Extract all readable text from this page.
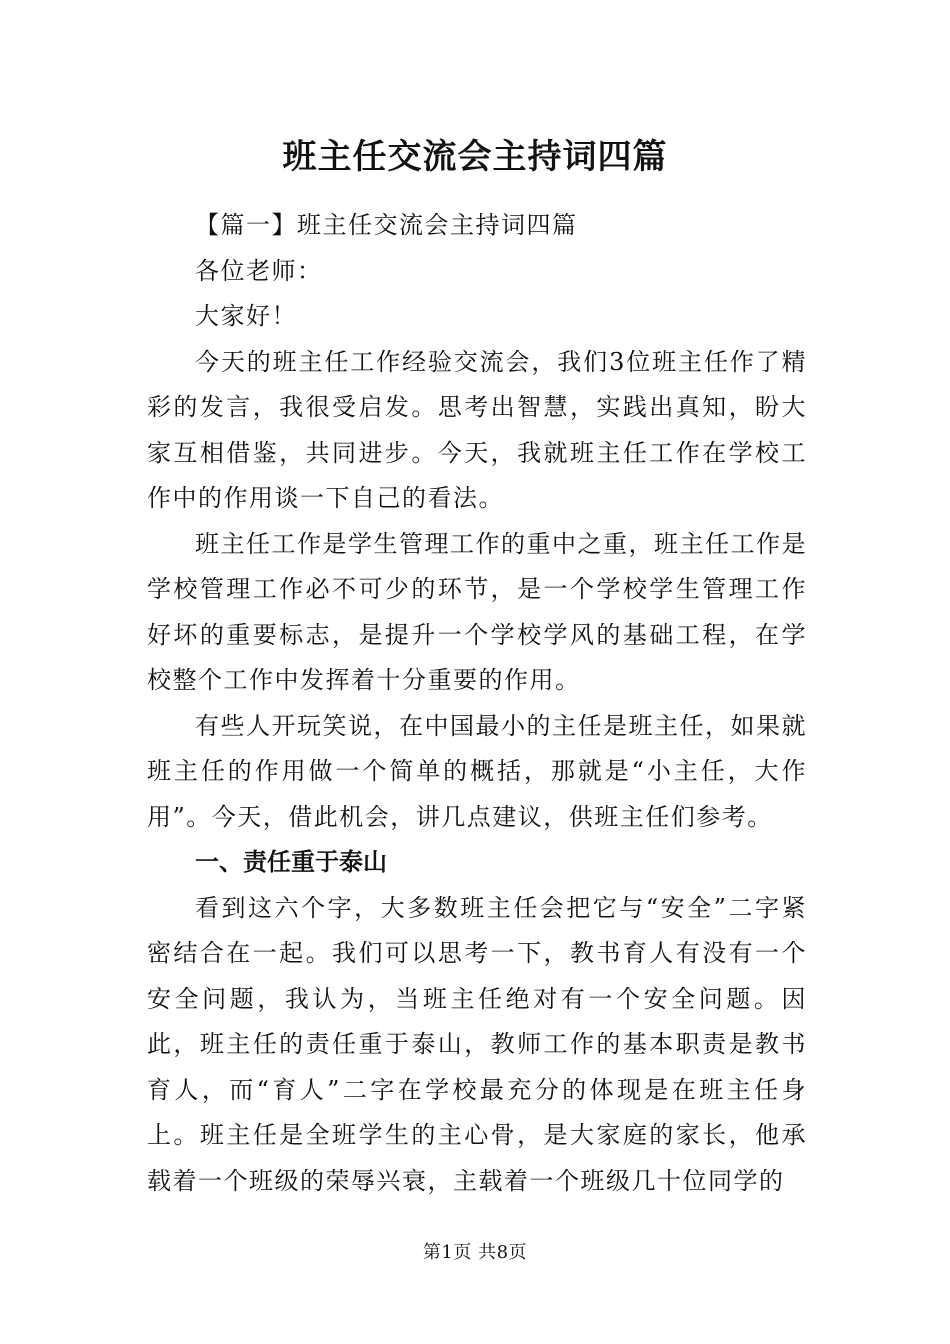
班主任交流会主持词四篇

【篇一】班主任交流会主持词四篇

各位老师：

大家好！

今天的班主任工作经验交流会，我们3位班主任作了精彩的发言，我很受启发。思考出智慧，实践出真知，盼大家互相借鉴，共同进步。今天，我就班主任工作在学校工作中的作用谈一下自己的看法。

班主任工作是学生管理工作的重中之重，班主任工作是学校管理工作必不可少的环节，是一个学校学生管理工作好坏的重要标志，是提升一个学校学风的基础工程，在学校整个工作中发挥着十分重要的作用。

有些人开玩笑说，在中国最小的主任是班主任，如果就班主任的作用做一个简单的概括，那就是“小主任，大作用”。今天，借此机会，讲几点建议，供班主任们参考。

一、责任重于泰山

看到这六个字，大多数班主任会把它与“安全”二字紧密结合在一起。我们可以思考一下，教书育人有没有一个安全问题，我认为，当班主任绝对有一个安全问题。因此，班主任的责任重于泰山，教师工作的基本职责是教书育人，而“育人”二字在学校最充分的体现是在班主任身上。班主任是全班学生的主心骨，是大家庭的家长，他承载着一个班级的荣辱兴衰，主载着一个班级几十位同学的

第1页 共8页
